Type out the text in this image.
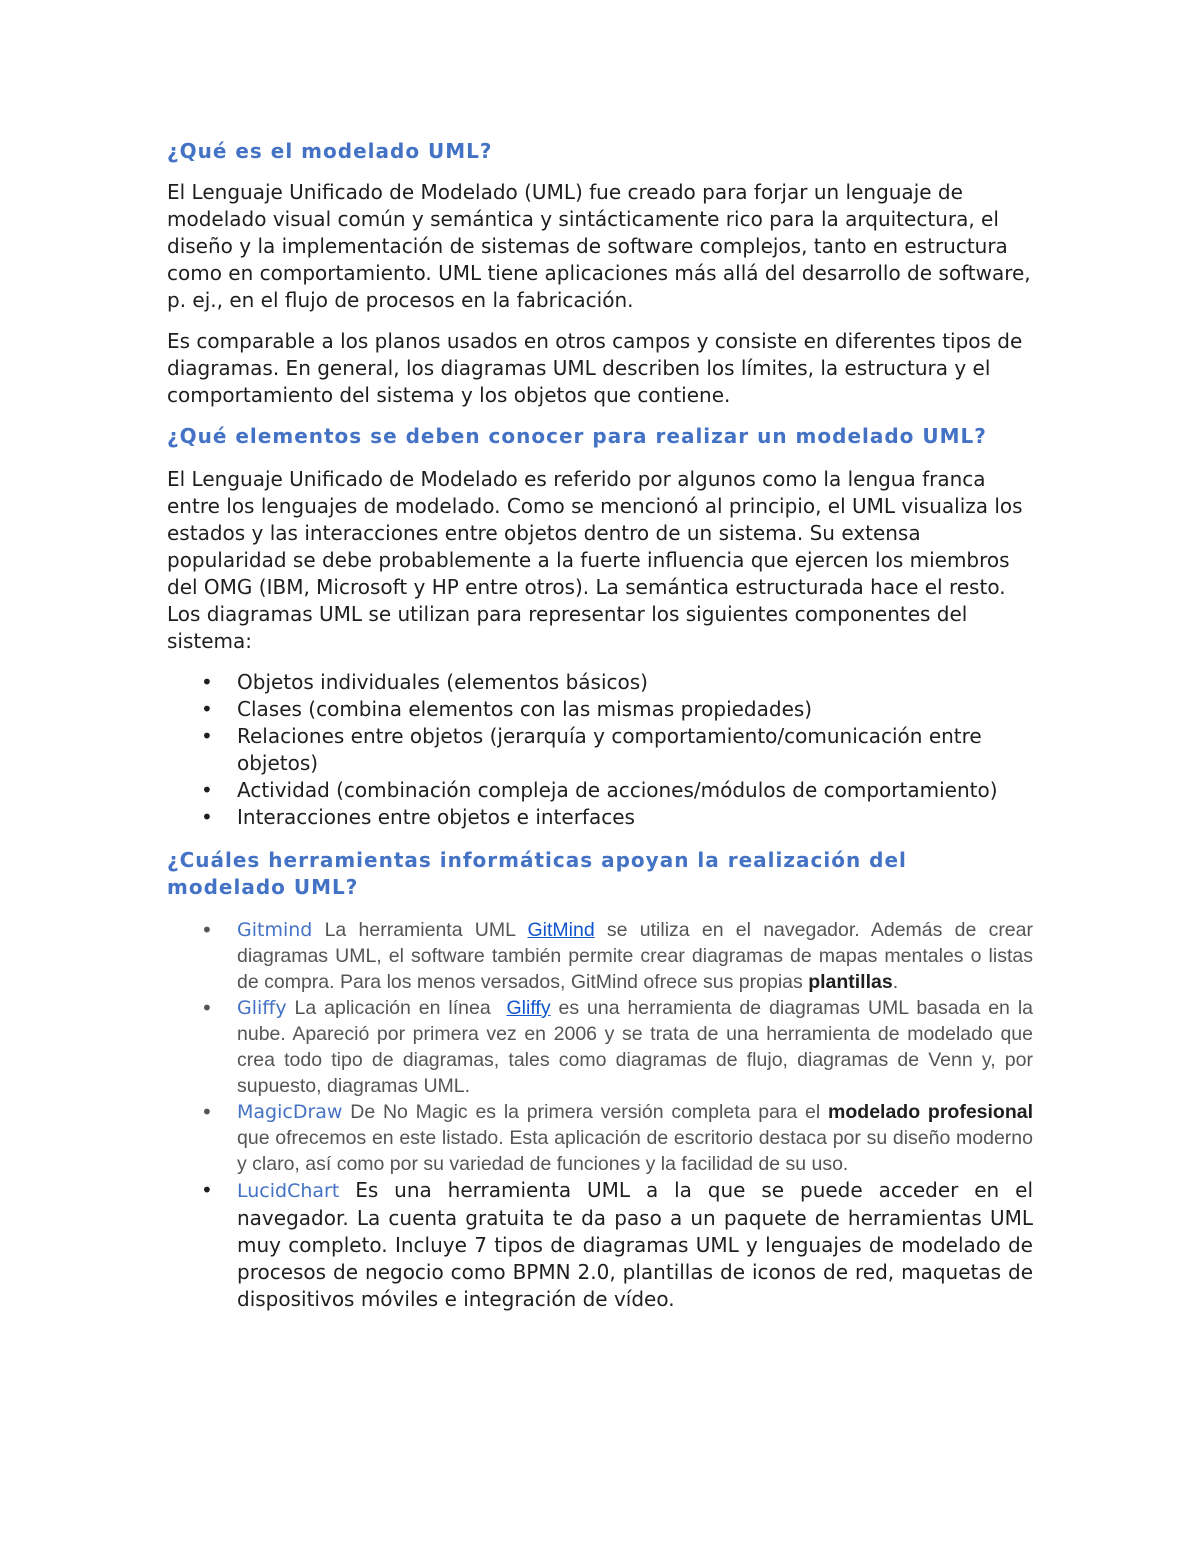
¿Qué es el modelado UML?

El Lenguaje Unificado de Modelado (UML) fue creado para forjar un lenguaje de modelado visual común y semántica y sintácticamente rico para la arquitectura, el diseño y la implementación de sistemas de software complejos, tanto en estructura como en comportamiento. UML tiene aplicaciones más allá del desarrollo de software, p. ej., en el flujo de procesos en la fabricación.

Es comparable a los planos usados en otros campos y consiste en diferentes tipos de diagramas. En general, los diagramas UML describen los límites, la estructura y el comportamiento del sistema y los objetos que contiene.

¿Qué elementos se deben conocer para realizar un modelado UML?

El Lenguaje Unificado de Modelado es referido por algunos como la lengua franca entre los lenguajes de modelado. Como se mencionó al principio, el UML visualiza los estados y las interacciones entre objetos dentro de un sistema. Su extensa popularidad se debe probablemente a la fuerte influencia que ejercen los miembros del OMG (IBM, Microsoft y HP entre otros). La semántica estructurada hace el resto. Los diagramas UML se utilizan para representar los siguientes componentes del sistema:

• Objetos individuales (elementos básicos)
• Clases (combina elementos con las mismas propiedades)
• Relaciones entre objetos (jerarquía y comportamiento/comunicación entre objetos)
• Actividad (combinación compleja de acciones/módulos de comportamiento)
• Interacciones entre objetos e interfaces
¿Cuáles herramientas informáticas apoyan la realización del modelado UML?
• Gitmind La herramienta UML GitMind se utiliza en el navegador. Además de crear diagramas UML, el software también permite crear diagramas de mapas mentales o listas de compra. Para los menos versados, GitMind ofrece sus propias plantillas.
• Gliffy La aplicación en línea  Gliffy es una herramienta de diagramas UML basada en la nube. Apareció por primera vez en 2006 y se trata de una herramienta de modelado que crea todo tipo de diagramas, tales como diagramas de flujo, diagramas de Venn y, por supuesto, diagramas UML.
• MagicDraw De No Magic es la primera versión completa para el modelado profesional que ofrecemos en este listado. Esta aplicación de escritorio destaca por su diseño moderno y claro, así como por su variedad de funciones y la facilidad de su uso.
• LucidChart Es una herramienta UML a la que se puede acceder en el navegador. La cuenta gratuita te da paso a un paquete de herramientas UML muy completo. Incluye 7 tipos de diagramas UML y lenguajes de modelado de procesos de negocio como BPMN 2.0, plantillas de iconos de red, maquetas de dispositivos móviles e integración de vídeo.
